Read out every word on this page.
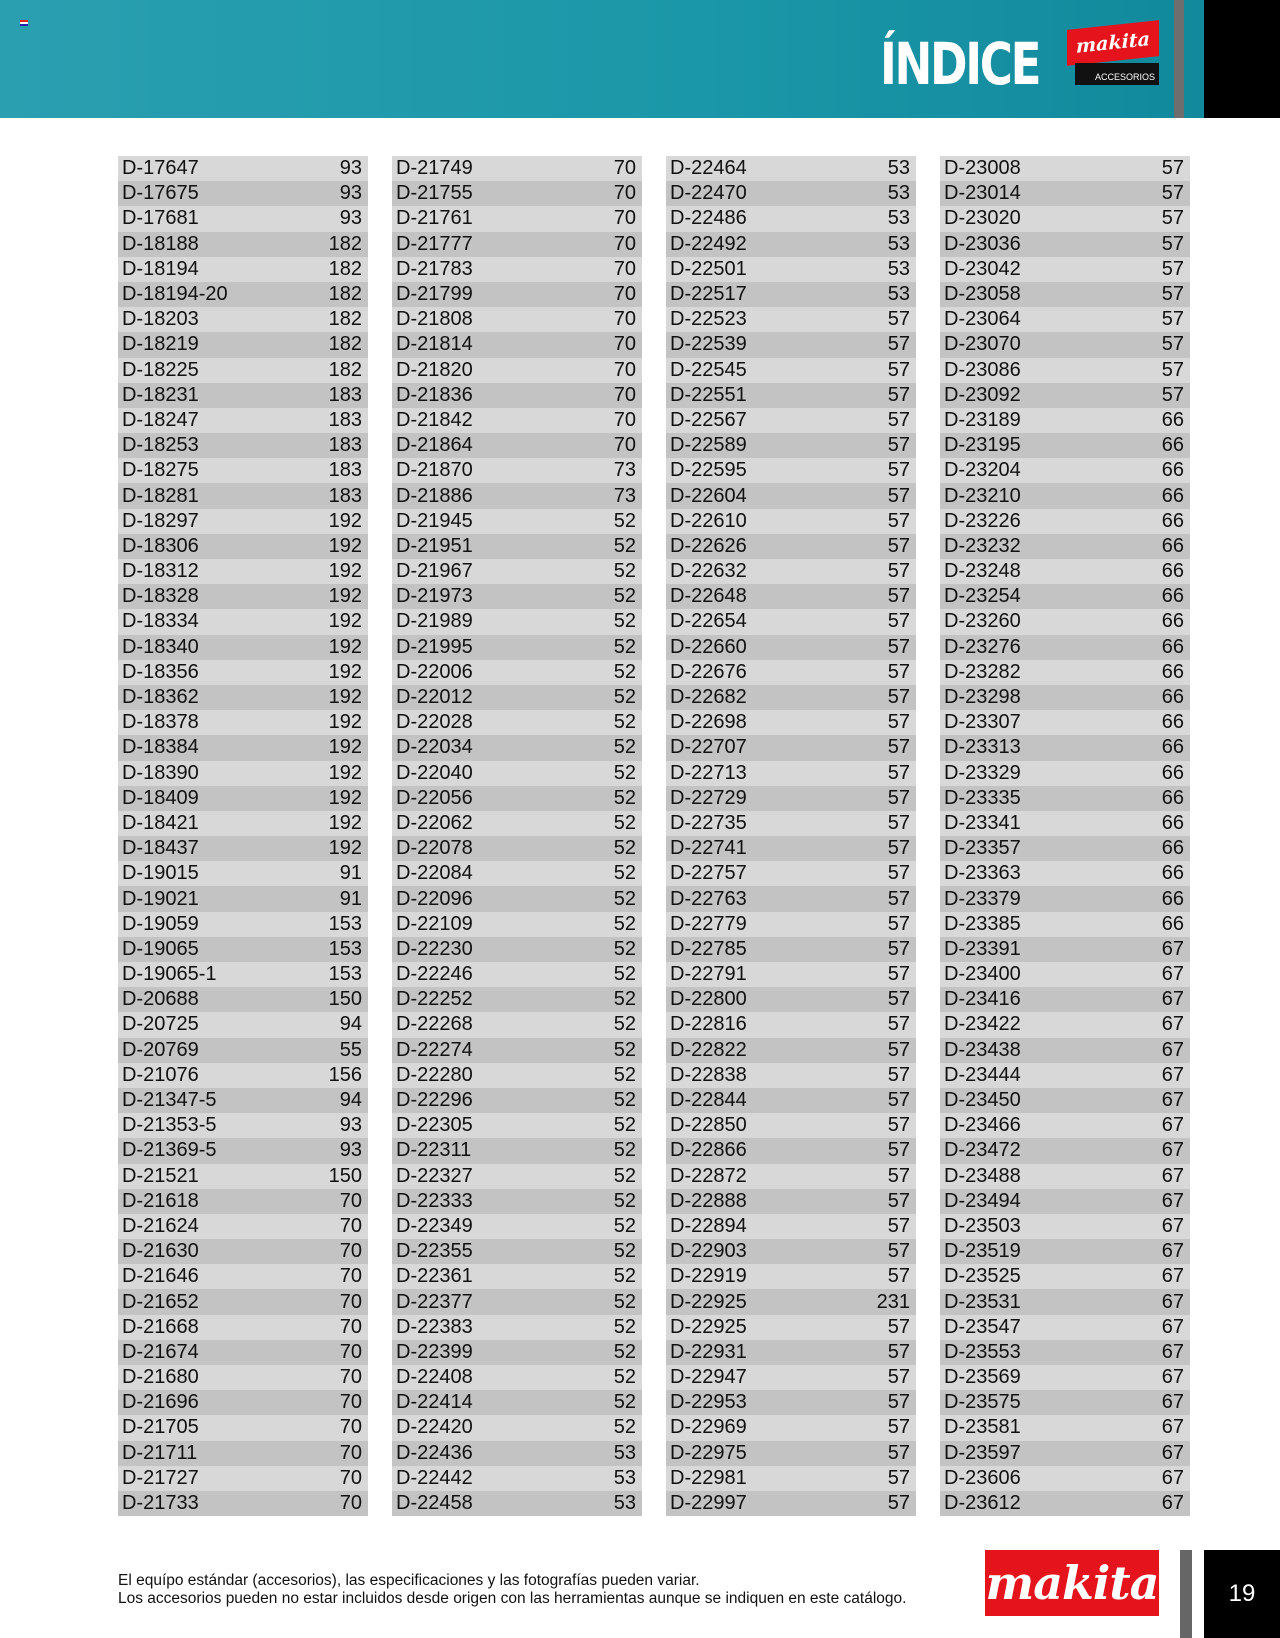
ÍNDICE makita
ACCESORIOS
D-17647	93
D-17675	93
D-17681	93
D-18188	182
D-18194	182
D-18194-20	182
D-18203	182
D-18219	182
D-18225	182
D-18231	183
D-18247	183
D-18253	183
D-18275	183
D-18281	183
D-18297	192
D-18306	192
D-18312	192
D-18328	192
D-18334	192
D-18340	192
D-18356	192
D-18362	192
D-18378	192
D-18384	192
D-18390	192
D-18409	192
D-18421	192
D-18437	192
D-19015	91
D-19021	91
D-19059	153
D-19065	153
D-19065-1	153
D-20688	150
D-20725	94
D-20769	55
D-21076	156
D-21347-5	94
D-21353-5	93
D-21369-5	93
D-21521	150
D-21618	70
D-21624	70
D-21630	70
D-21646	70
D-21652	70
D-21668	70
D-21674	70
D-21680	70
D-21696	70
D-21705	70
D-21711	70
D-21727	70
D-21733	70
D-21749	70
D-21755	70
D-21761	70
D-21777	70
D-21783	70
D-21799	70
D-21808	70
D-21814	70
D-21820	70
D-21836	70
D-21842	70
D-21864	70
D-21870	73
D-21886	73
D-21945	52
D-21951	52
D-21967	52
D-21973	52
D-21989	52
D-21995	52
D-22006	52
D-22012	52
D-22028	52
D-22034	52
D-22040	52
D-22056	52
D-22062	52
D-22078	52
D-22084	52
D-22096	52
D-22109	52
D-22230	52
D-22246	52
D-22252	52
D-22268	52
D-22274	52
D-22280	52
D-22296	52
D-22305	52
D-22311	52
D-22327	52
D-22333	52
D-22349	52
D-22355	52
D-22361	52
D-22377	52
D-22383	52
D-22399	52
D-22408	52
D-22414	52
D-22420	52
D-22436	53
D-22442	53
D-22458	53
D-22464	53
D-22470	53
D-22486	53
D-22492	53
D-22501	53
D-22517	53
D-22523	57
D-22539	57
D-22545	57
D-22551	57
D-22567	57
D-22589	57
D-22595	57
D-22604	57
D-22610	57
D-22626	57
D-22632	57
D-22648	57
D-22654	57
D-22660	57
D-22676	57
D-22682	57
D-22698	57
D-22707	57
D-22713	57
D-22729	57
D-22735	57
D-22741	57
D-22757	57
D-22763	57
D-22779	57
D-22785	57
D-22791	57
D-22800	57
D-22816	57
D-22822	57
D-22838	57
D-22844	57
D-22850	57
D-22866	57
D-22872	57
D-22888	57
D-22894	57
D-22903	57
D-22919	57
D-22925	231
D-22925	57
D-22931	57
D-22947	57
D-22953	57
D-22969	57
D-22975	57
D-22981	57
D-22997	57
D-23008	57
D-23014	57
D-23020	57
D-23036	57
D-23042	57
D-23058	57
D-23064	57
D-23070	57
D-23086	57
D-23092	57
D-23189	66
D-23195	66
D-23204	66
D-23210	66
D-23226	66
D-23232	66
D-23248	66
D-23254	66
D-23260	66
D-23276	66
D-23282	66
D-23298	66
D-23307	66
D-23313	66
D-23329	66
D-23335	66
D-23341	66
D-23357	66
D-23363	66
D-23379	66
D-23385	66
D-23391	67
D-23400	67
D-23416	67
D-23422	67
D-23438	67
D-23444	67
D-23450	67
D-23466	67
D-23472	67
D-23488	67
D-23494	67
D-23503	67
D-23519	67
D-23525	67
D-23531	67
D-23547	67
D-23553	67
D-23569	67
D-23575	67
D-23581	67
D-23597	67
D-23606	67
D-23612	67
El equípo estándar (accesorios), las especificaciones y las fotografías pueden variar.
Los accesorios pueden no estar incluidos desde origen con las herramientas aunque se indiquen en este catálogo. makita	19
